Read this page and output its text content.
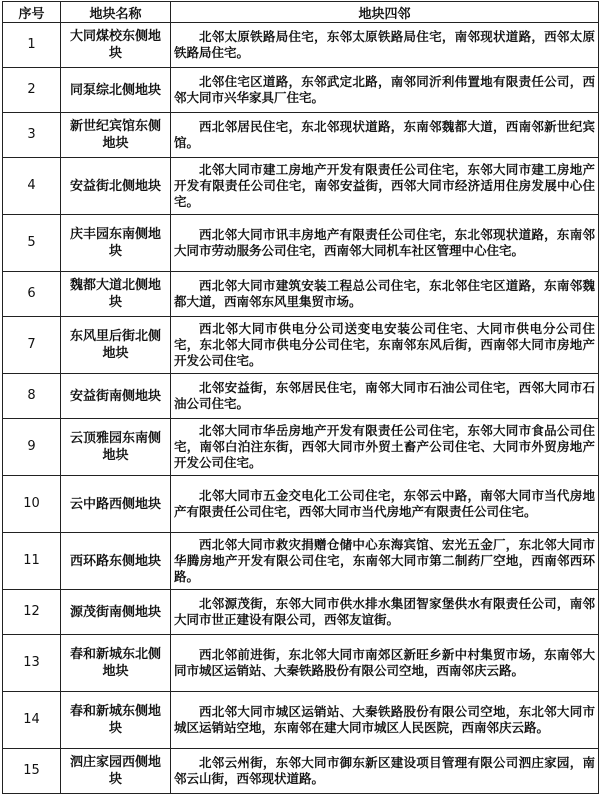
序号	地块名称	地块四邻
1	大同煤校东侧地块	北邻太原铁路局住宅，东邻太原铁路局住宅，南邻现状道路，西邻太原铁路局住宅。
2	同泵综北侧地块	北邻住宅区道路，东邻武定北路，南邻同沂利伟置地有限责任公司，西邻大同市兴华家具厂住宅。
3	新世纪宾馆东侧地块	西北邻居民住宅，东北邻现状道路，东南邻魏都大道，西南邻新世纪宾馆。
4	安益街北侧地块	北邻大同市建工房地产开发有限责任公司住宅，东邻大同市建工房地产开发有限责任公司住宅，南邻安益街，西邻大同市经济适用住房发展中心住宅。
5	庆丰园东南侧地块	西北邻大同市讯丰房地产有限责任公司住宅，东北邻现状道路，东南邻大同市劳动服务公司住宅，西南邻大同机车社区管理中心住宅。
6	魏都大道北侧地块	西北邻大同市建筑安装工程总公司住宅，东北邻住宅区道路，东南邻魏都大道，西南邻东风里集贸市场。
7	东风里后街北侧地块	西北邻大同市供电分公司送变电安装公司住宅、大同市供电分公司住宅，东北邻大同市供电分公司住宅，东南邻东风后街，西南邻大同市房地产开发公司住宅。
8	安益街南侧地块	北邻安益街，东邻居民住宅，南邻大同市石油公司住宅，西邻大同市石油公司住宅。
9	云顶雅园东南侧地块	北邻大同市华岳房地产开发有限责任公司住宅，东邻大同市食品公司住宅，南邻白泊注东街，西邻大同市外贸土畜产公司住宅、大同市外贸房地产开发公司住宅。
10	云中路西侧地块	北邻大同市五金交电化工公司住宅，东邻云中路，南邻大同市当代房地产有限责任公司住宅，西邻大同市当代房地产有限责任公司住宅。
11	西环路东侧地块	西北邻大同市救灾捐赠仓储中心东海宾馆、宏光五金厂，东北邻大同市华腾房地产开发有限公司住宅，东南邻大同市第二制药厂空地，西南邻西环路。
12	源茂街南侧地块	北邻源茂街，东邻大同市供水排水集团智家堡供水有限责任公司，南邻大同市世正建设有限公司，西邻友谊街。
13	春和新城东北侧地块	西北邻前进街，东北邻大同市南郊区新旺乡新中村集贸市场，东南邻大同市城区运销站、大秦铁路股份有限公司空地，西南邻庆云路。
14	春和新城东侧地块	西北邻大同市城区运销站、大秦铁路股份有限公司空地，东北邻大同市城区运销站空地，东南邻在建大同市城区人民医院，西南邻庆云路。
15	泗庄家园西侧地块	北邻云州街，东邻大同市御东新区建设项目管理有限公司泗庄家园，南邻云山街，西邻现状道路。
